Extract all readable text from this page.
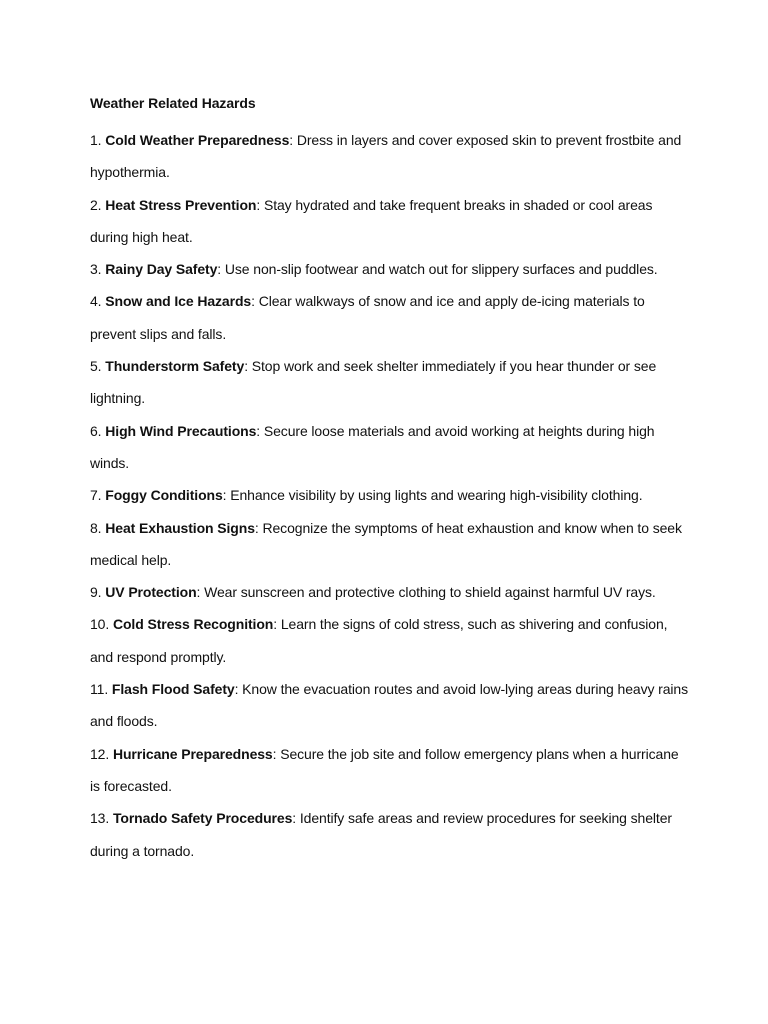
Weather Related Hazards

1. Cold Weather Preparedness: Dress in layers and cover exposed skin to prevent frostbite and hypothermia.

2. Heat Stress Prevention: Stay hydrated and take frequent breaks in shaded or cool areas during high heat.

3. Rainy Day Safety: Use non-slip footwear and watch out for slippery surfaces and puddles.

4. Snow and Ice Hazards: Clear walkways of snow and ice and apply de-icing materials to prevent slips and falls.

5. Thunderstorm Safety: Stop work and seek shelter immediately if you hear thunder or see lightning.

6. High Wind Precautions: Secure loose materials and avoid working at heights during high winds.

7. Foggy Conditions: Enhance visibility by using lights and wearing high-visibility clothing.

8. Heat Exhaustion Signs: Recognize the symptoms of heat exhaustion and know when to seek medical help.

9. UV Protection: Wear sunscreen and protective clothing to shield against harmful UV rays.

10. Cold Stress Recognition: Learn the signs of cold stress, such as shivering and confusion, and respond promptly.

11. Flash Flood Safety: Know the evacuation routes and avoid low-lying areas during heavy rains and floods.

12. Hurricane Preparedness: Secure the job site and follow emergency plans when a hurricane is forecasted.

13. Tornado Safety Procedures: Identify safe areas and review procedures for seeking shelter during a tornado.
